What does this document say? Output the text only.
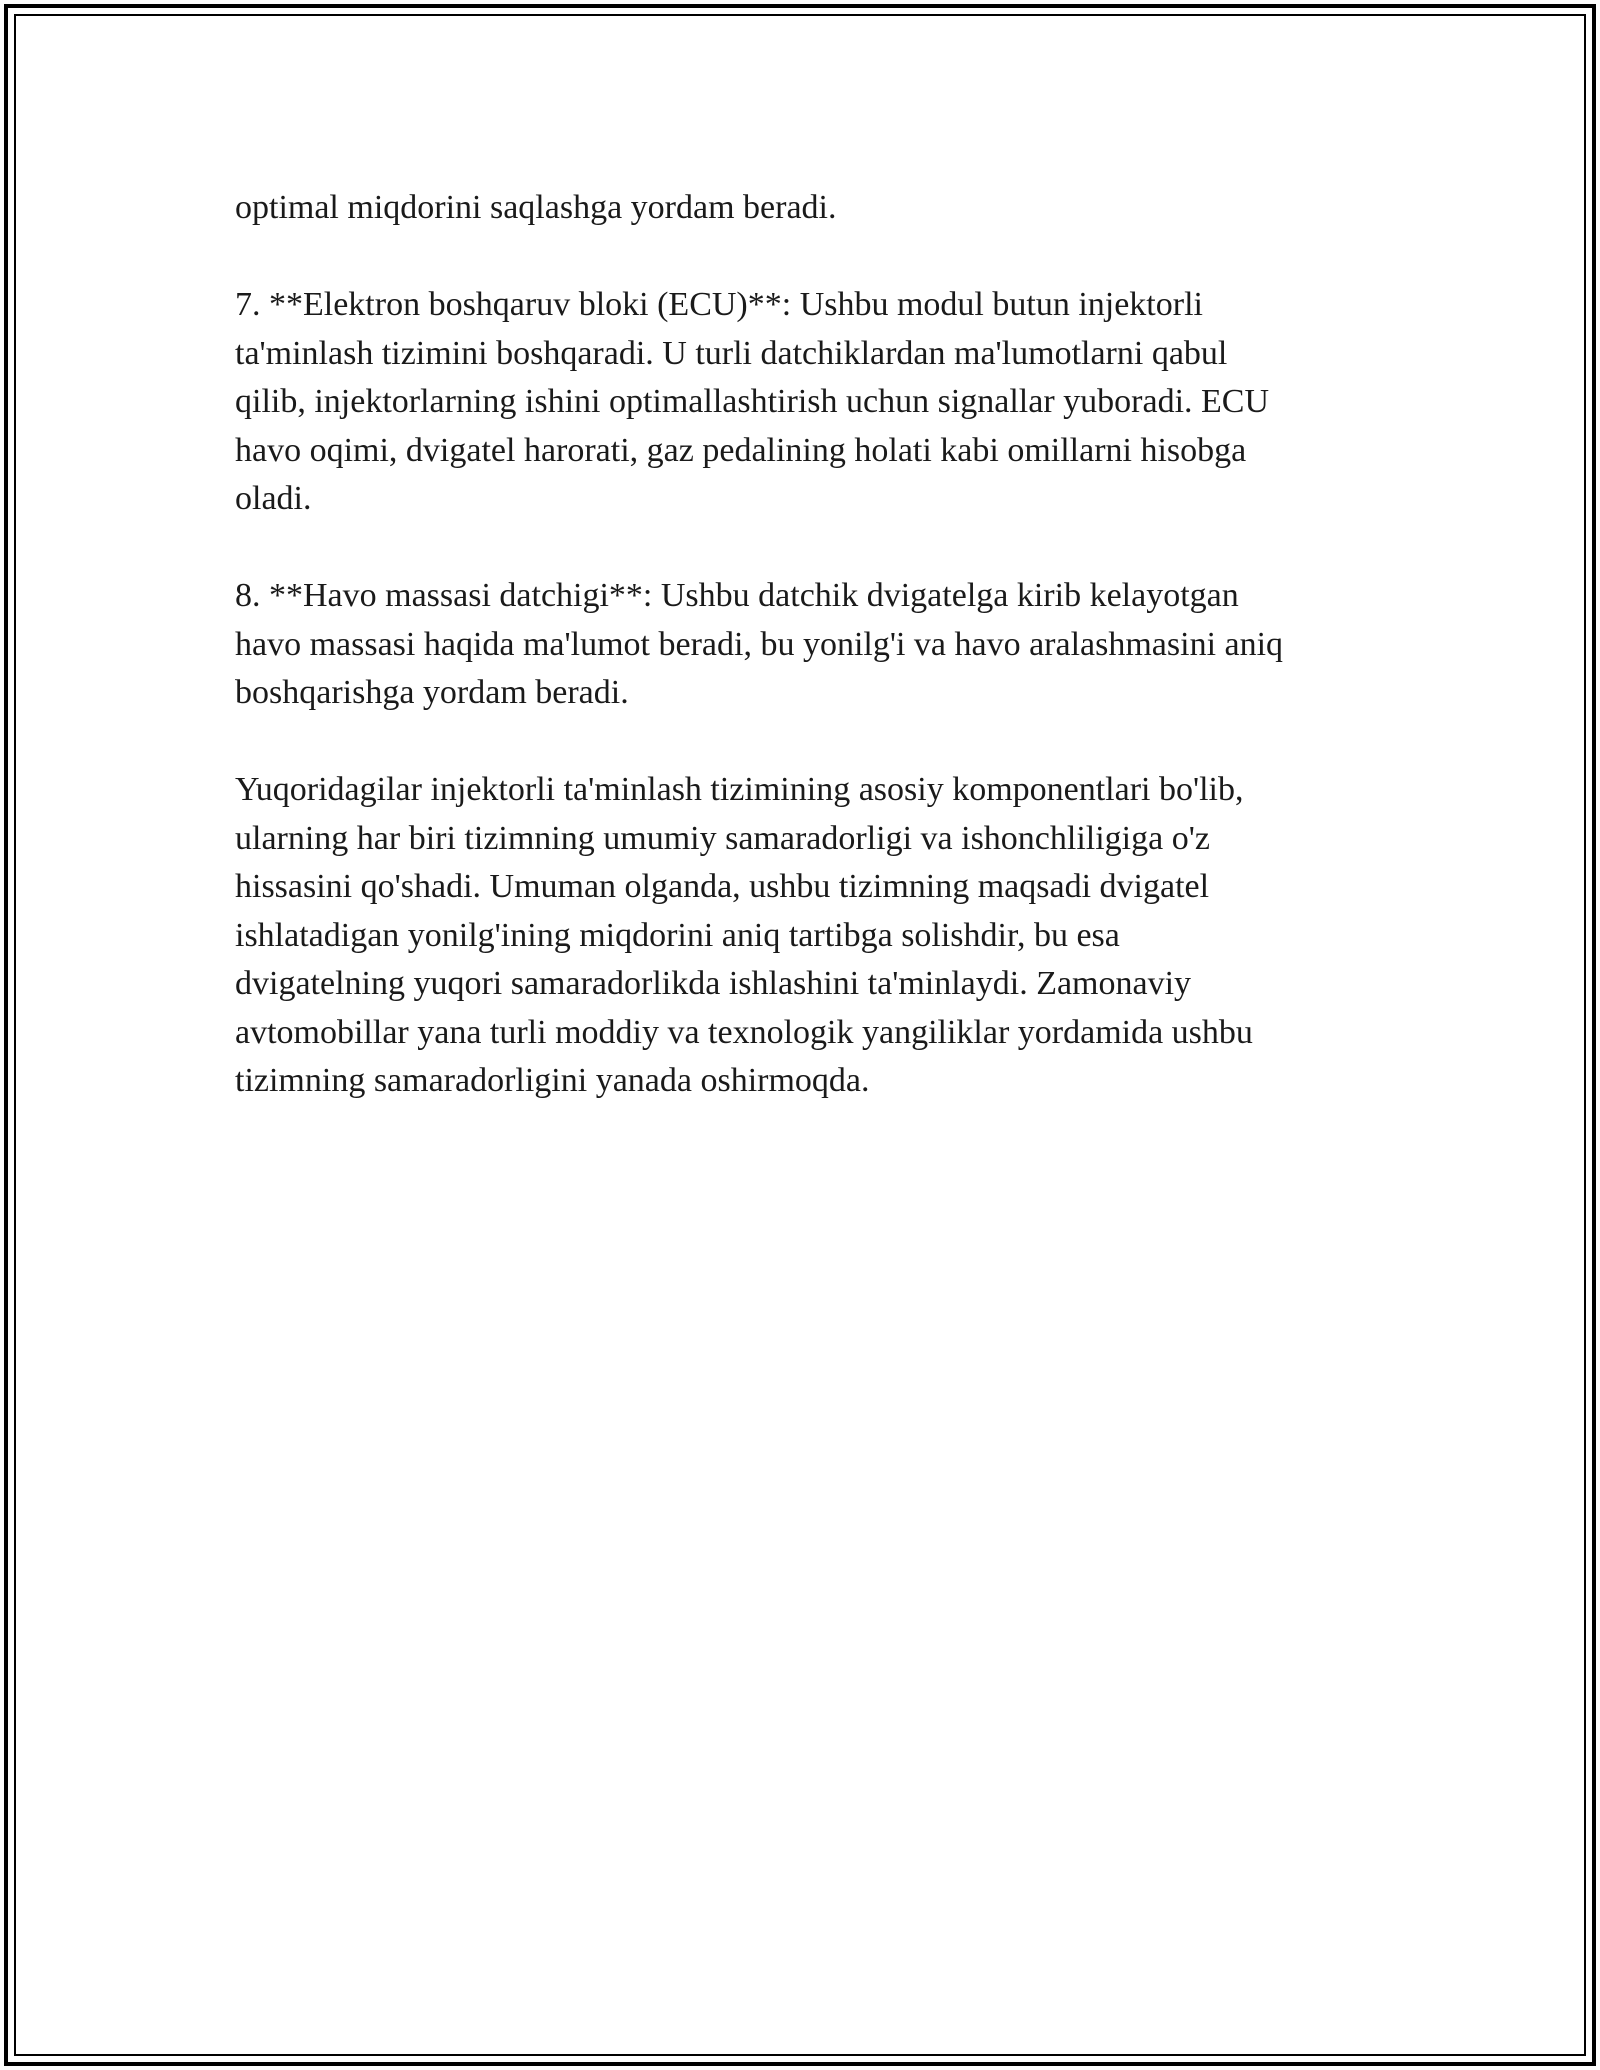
optimal miqdorini saqlashga yordam beradi.

7. **Elektron boshqaruv bloki (ECU)**: Ushbu modul butun injektorli
ta'minlash tizimini boshqaradi. U turli datchiklardan ma'lumotlarni qabul
qilib, injektorlarning ishini optimallashtirish uchun signallar yuboradi. ECU
havo oqimi, dvigatel harorati, gaz pedalining holati kabi omillarni hisobga
oladi.

8. **Havo massasi datchigi**: Ushbu datchik dvigatelga kirib kelayotgan
havo massasi haqida ma'lumot beradi, bu yonilg'i va havo aralashmasini aniq
boshqarishga yordam beradi.

Yuqoridagilar injektorli ta'minlash tizimining asosiy komponentlari bo'lib,
ularning har biri tizimning umumiy samaradorligi va ishonchliligiga o'z
hissasini qo'shadi. Umuman olganda, ushbu tizimning maqsadi dvigatel
ishlatadigan yonilg'ining miqdorini aniq tartibga solishdir, bu esa
dvigatelning yuqori samaradorlikda ishlashini ta'minlaydi. Zamonaviy
avtomobillar yana turli moddiy va texnologik yangiliklar yordamida ushbu
tizimning samaradorligini yanada oshirmoqda.
